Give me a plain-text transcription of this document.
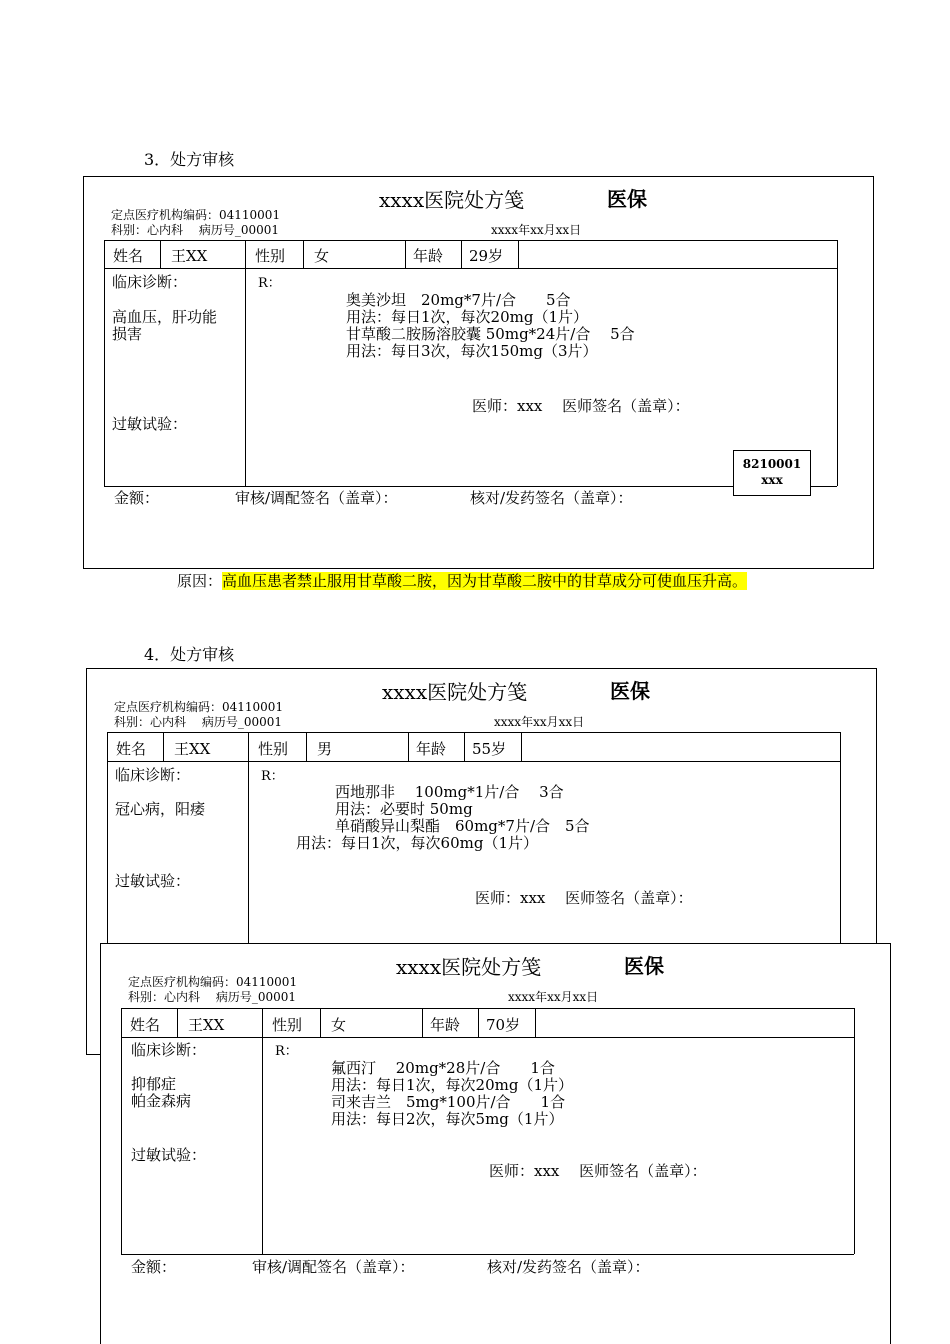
3．处方审核
xxxx医院处方笺	医保
定点医疗机构编码：04110001
科别：心内科　 病历号_00001	xxxx年xx月xx日
姓名 王XX	性别 女	年龄 29岁
临床诊断：
高血压，肝功能
损害
过敏试验：
R：
奥美沙坦　20mg*7片/合　　5合
用法：每日1次，每次20mg（1片）
甘草酸二胺肠溶胶囊 50mg*24片/合　 5合
用法：每日3次，每次150mg（3片）
医师：xxx　 医师签名（盖章）：
8210001
xxx
金额：	审核/调配签名（盖章）：	核对/发药签名（盖章）：
原因：高血压患者禁止服用甘草酸二胺，因为甘草酸二胺中的甘草成分可使血压升高。
4．处方审核
xxxx医院处方笺	医保
定点医疗机构编码：04110001
科别：心内科　 病历号_00001	xxxx年xx月xx日
姓名 王XX	性别 男	年龄 55岁
临床诊断：
冠心病，阳痿
过敏试验：
R：
西地那非　 100mg*1片/合　 3合
用法：必要时 50mg
单硝酸异山梨酯　60mg*7片/合　5合
用法：每日1次，每次60mg（1片）
医师：xxx　 医师签名（盖章）：
xxxx医院处方笺	医保
定点医疗机构编码：04110001
科别：心内科　 病历号_00001	xxxx年xx月xx日
姓名 王XX	性别 女	年龄 70岁
临床诊断：
抑郁症
帕金森病
过敏试验：
R：
氟西汀　 20mg*28片/合　　1合
用法：每日1次，每次20mg（1片）
司来吉兰　5mg*100片/合　　1合
用法：每日2次，每次5mg（1片）
医师：xxx　 医师签名（盖章）：
金额：	审核/调配签名（盖章）：	核对/发药签名（盖章）：
